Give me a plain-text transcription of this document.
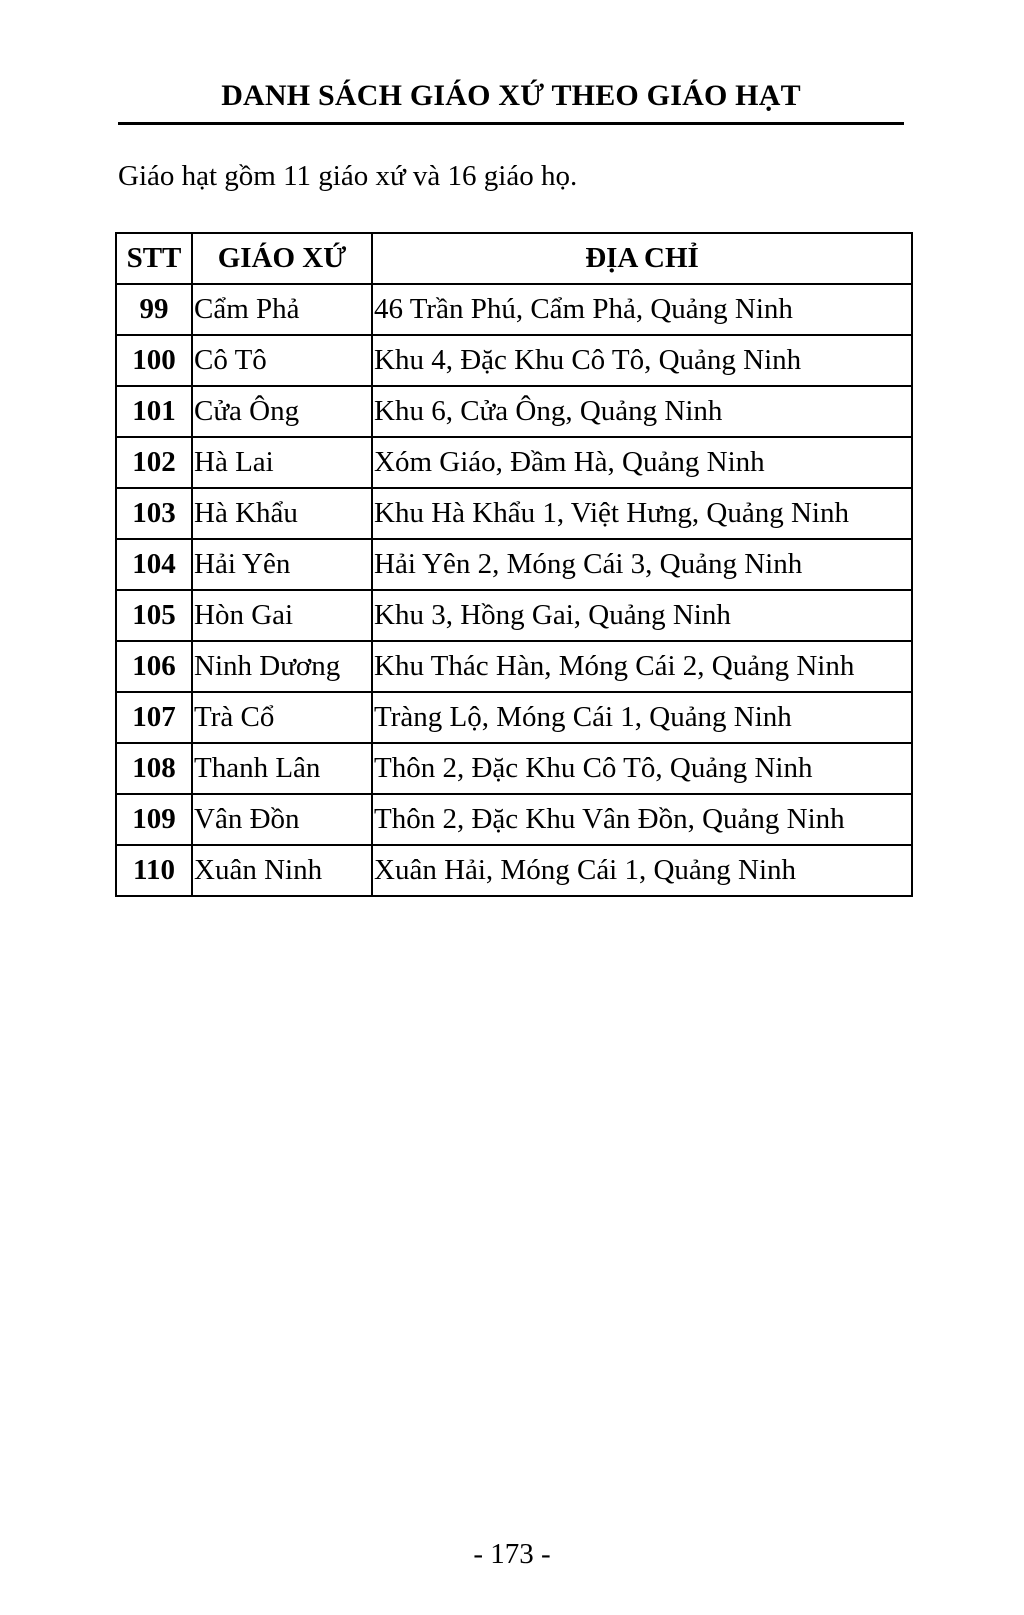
DANH SÁCH GIÁO XỨ THEO GIÁO HẠT
Giáo hạt gồm 11 giáo xứ và 16 giáo họ.
STT	GIÁO XỨ	ĐỊA CHỈ
99	Cẩm Phả	46 Trần Phú, Cẩm Phả, Quảng Ninh
100	Cô Tô	Khu 4, Đặc Khu Cô Tô, Quảng Ninh
101	Cửa Ông	Khu 6, Cửa Ông, Quảng Ninh
102	Hà Lai	Xóm Giáo, Đầm Hà, Quảng Ninh
103	Hà Khẩu	Khu Hà Khẩu 1, Việt Hưng, Quảng Ninh
104	Hải Yên	Hải Yên 2, Móng Cái 3, Quảng Ninh
105	Hòn Gai	Khu 3, Hồng Gai, Quảng Ninh
106	Ninh Dương	Khu Thác Hàn, Móng Cái 2, Quảng Ninh
107	Trà Cổ	Tràng Lộ, Móng Cái 1, Quảng Ninh
108	Thanh Lân	Thôn 2, Đặc Khu Cô Tô, Quảng Ninh
109	Vân Đồn	Thôn 2, Đặc Khu Vân Đồn, Quảng Ninh
110	Xuân Ninh	Xuân Hải, Móng Cái 1, Quảng Ninh
- 173 -
